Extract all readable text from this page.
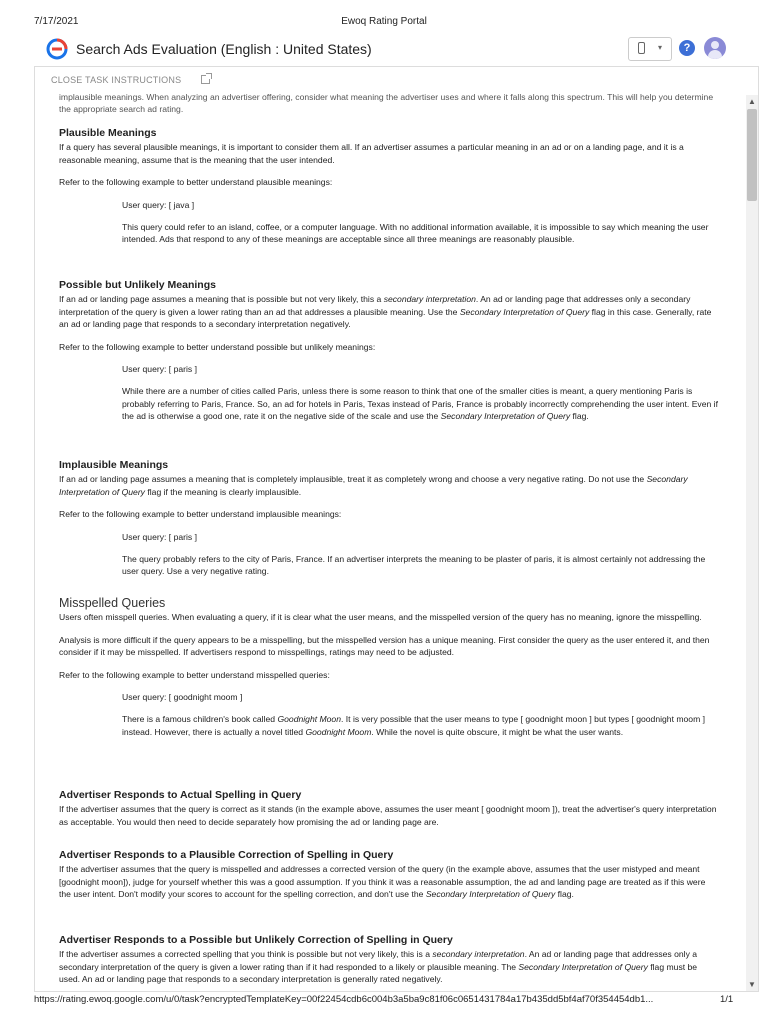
7/17/2021	Ewoq Rating Portal
Search Ads Evaluation (English : United States)	▾	?
CLOSE TASK INSTRUCTIONS

implausible meanings. When analyzing an advertiser offering, consider what meaning the advertiser uses and where it falls along this spectrum. This will help you determine the appropriate search ad rating.

Plausible Meanings

If a query has several plausible meanings, it is important to consider them all. If an advertiser assumes a particular meaning in an ad or on a landing page, and it is a reasonable meaning, assume that is the meaning that the user intended.

Refer to the following example to better understand plausible meanings:

User query: [ java ]

This query could refer to an island, coffee, or a computer language. With no additional information available, it is impossible to say which meaning the user intended. Ads that respond to any of these meanings are acceptable since all three meanings are reasonably plausible.

Possible but Unlikely Meanings

If an ad or landing page assumes a meaning that is possible but not very likely, this a secondary interpretation. An ad or landing page that addresses only a secondary interpretation of the query is given a lower rating than an ad that addresses a plausible meaning. Use the Secondary Interpretation of Query flag in this case. Generally, rate an ad or landing page that responds to a secondary interpretation negatively.

Refer to the following example to better understand possible but unlikely meanings:

User query: [ paris ]

While there are a number of cities called Paris, unless there is some reason to think that one of the smaller cities is meant, a query mentioning Paris is probably referring to Paris, France. So, an ad for hotels in Paris, Texas instead of Paris, France is probably incorrectly comprehending the user intent. Even if the ad is otherwise a good one, rate it on the negative side of the scale and use the Secondary Interpretation of Query flag.

Implausible Meanings

If an ad or landing page assumes a meaning that is completely implausible, treat it as completely wrong and choose a very negative rating. Do not use the Secondary Interpretation of Query flag if the meaning is clearly implausible.

Refer to the following example to better understand implausible meanings:

User query: [ paris ]

The query probably refers to the city of Paris, France. If an advertiser interprets the meaning to be plaster of paris, it is almost certainly not addressing the user query. Use a very negative rating.

Misspelled Queries

Users often misspell queries. When evaluating a query, if it is clear what the user means, and the misspelled version of the query has no meaning, ignore the misspelling.

Analysis is more difficult if the query appears to be a misspelling, but the misspelled version has a unique meaning. First consider the query as the user entered it, and then consider if it may be misspelled. If advertisers respond to misspellings, ratings may need to be adjusted.

Refer to the following example to better understand misspelled queries:

User query: [ goodnight moom ]

There is a famous children's book called Goodnight Moon. It is very possible that the user means to type [ goodnight moon ] but types [ goodnight moom ] instead. However, there is actually a novel titled Goodnight Moom. While the novel is quite obscure, it might be what the user wants.

Advertiser Responds to Actual Spelling in Query

If the advertiser assumes that the query is correct as it stands (in the example above, assumes the user meant [ goodnight moom ]), treat the advertiser's query interpretation as acceptable. You would then need to decide separately how promising the ad or landing page are.

Advertiser Responds to a Plausible Correction of Spelling in Query

If the advertiser assumes that the query is misspelled and addresses a corrected version of the query (in the example above, assumes that the user mistyped and meant [goodnight moon]), judge for yourself whether this was a good assumption. If you think it was a reasonable assumption, the ad and landing page are treated as if this were the user intent. Don't modify your scores to account for the spelling correction, and don't use the Secondary Interpretation of Query flag.

Advertiser Responds to a Possible but Unlikely Correction of Spelling in Query

If the advertiser assumes a corrected spelling that you think is possible but not very likely, this is a secondary interpretation. An ad or landing page that addresses only a secondary interpretation of the query is given a lower rating than if it had responded to a likely or plausible meaning. The Secondary Interpretation of Query flag must be used. An ad or landing page that responds to a secondary interpretation is generally rated negatively.

▲
▼
https://rating.ewoq.google.com/u/0/task?encryptedTemplateKey=00f22454cdb6c004b3a5ba9c81f06c0651431784a17b435dd5bf4af70f354454db1...	1/1
